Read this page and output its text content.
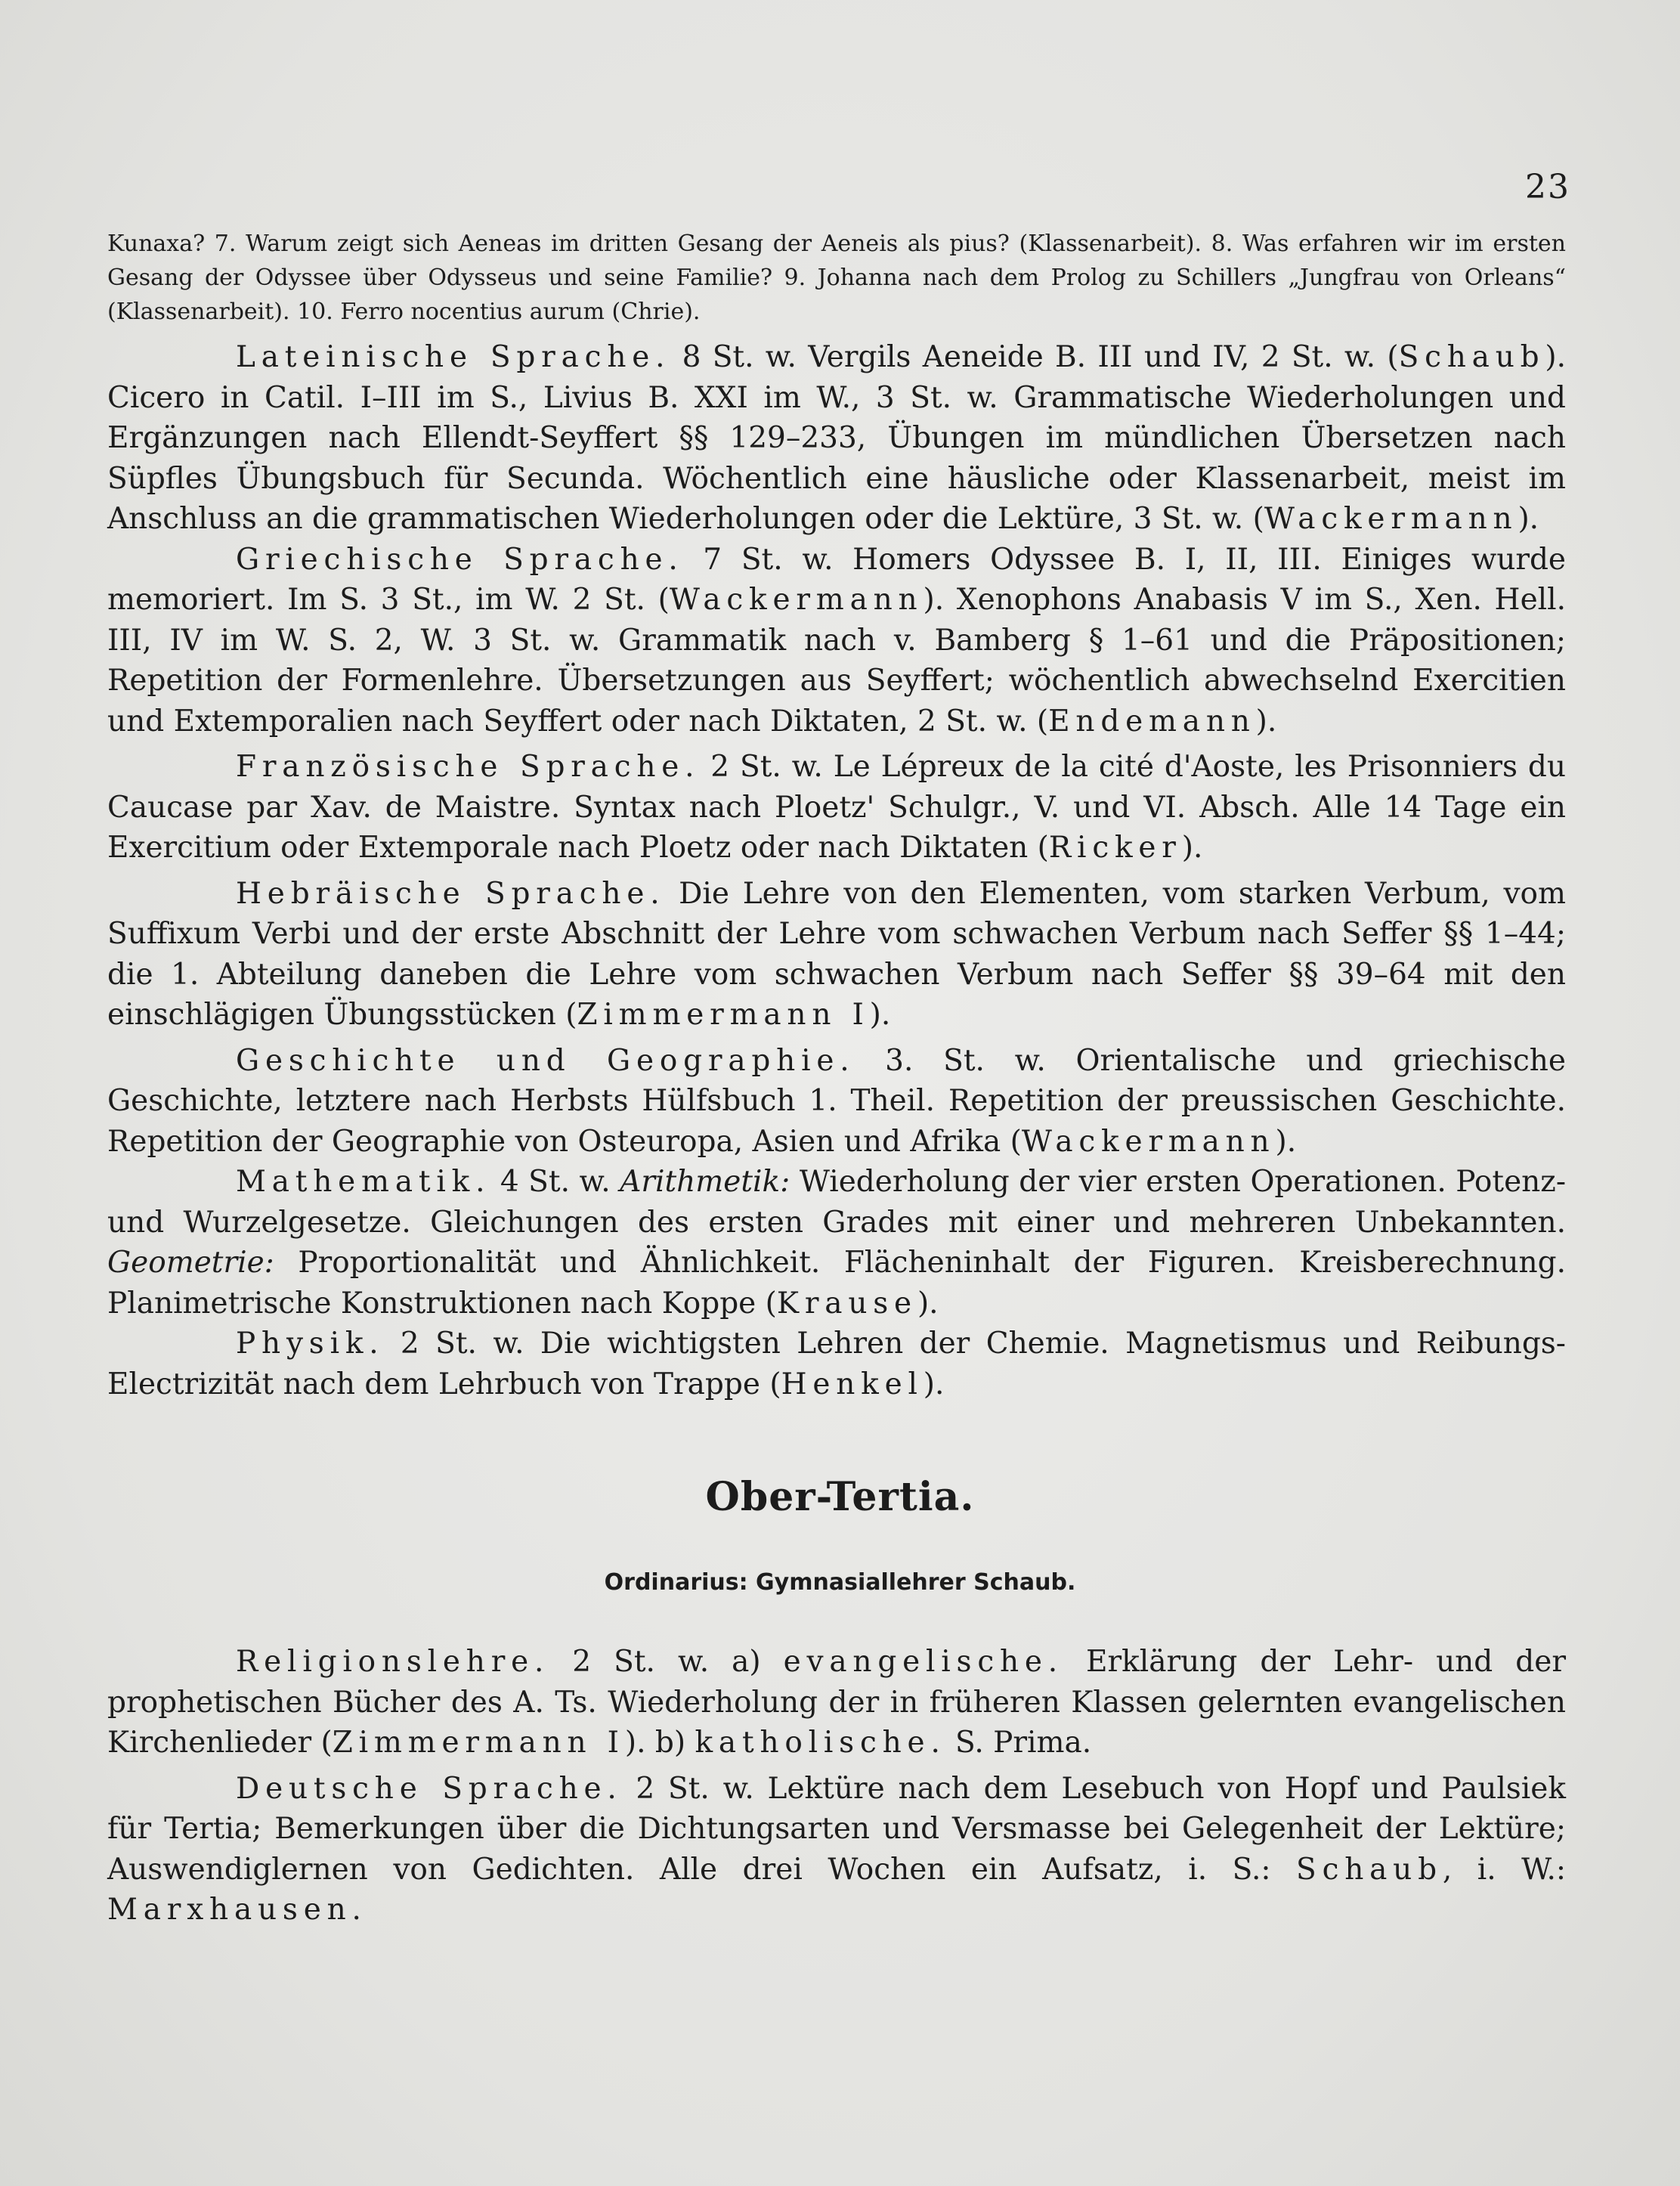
23

Kunaxa? 7. Warum zeigt sich Aeneas im dritten Gesang der Aeneis als pius? (Klassenarbeit). 8. Was erfahren wir im ersten Gesang der Odyssee über Odysseus und seine Familie? 9. Johanna nach dem Prolog zu Schillers „Jungfrau von Orleans“ (Klassenarbeit). 10. Ferro nocentius aurum (Chrie).

Lateinische Sprache. 8 St. w. Vergils Aeneide B. III und IV, 2 St. w. (Schaub). Cicero in Catil. I–III im S., Livius B. XXI im W., 3 St. w. Grammatische Wiederholungen und Ergänzungen nach Ellendt-Seyffert §§ 129–233, Übungen im mündlichen Übersetzen nach Süpfles Übungsbuch für Secunda. Wöchentlich eine häusliche oder Klassenarbeit, meist im Anschluss an die grammatischen Wiederholungen oder die Lektüre, 3 St. w. (Wackermann).

Griechische Sprache. 7 St. w. Homers Odyssee B. I, II, III. Einiges wurde memoriert. Im S. 3 St., im W. 2 St. (Wackermann). Xenophons Anabasis V im S., Xen. Hell. III, IV im W. S. 2, W. 3 St. w. Grammatik nach v. Bamberg § 1–61 und die Präpositionen; Repetition der Formenlehre. Übersetzungen aus Seyffert; wöchentlich abwechselnd Exercitien und Extemporalien nach Seyffert oder nach Diktaten, 2 St. w. (Endemann).

Französische Sprache. 2 St. w. Le Lépreux de la cité d'Aoste, les Prisonniers du Caucase par Xav. de Maistre. Syntax nach Ploetz' Schulgr., V. und VI. Absch. Alle 14 Tage ein Exercitium oder Extemporale nach Ploetz oder nach Diktaten (Ricker).

Hebräische Sprache. Die Lehre von den Elementen, vom starken Verbum, vom Suffixum Verbi und der erste Abschnitt der Lehre vom schwachen Verbum nach Seffer §§ 1–44; die 1. Abteilung daneben die Lehre vom schwachen Verbum nach Seffer §§ 39–64 mit den einschlägigen Übungsstücken (Zimmermann I).

Geschichte und Geographie. 3. St. w. Orientalische und griechische Geschichte, letztere nach Herbsts Hülfsbuch 1. Theil. Repetition der preussischen Geschichte. Repetition der Geographie von Osteuropa, Asien und Afrika (Wackermann).

Mathematik. 4 St. w. Arithmetik: Wiederholung der vier ersten Operationen. Potenz- und Wurzelgesetze. Gleichungen des ersten Grades mit einer und mehreren Unbekannten. Geometrie: Proportionalität und Ähnlichkeit. Flächeninhalt der Figuren. Kreisberechnung. Planimetrische Konstruktionen nach Koppe (Krause).

Physik. 2 St. w. Die wichtigsten Lehren der Chemie. Magnetismus und Reibungs-Electrizität nach dem Lehrbuch von Trappe (Henkel).

Ober-Tertia.
Ordinarius: Gymnasiallehrer Schaub.

Religionslehre. 2 St. w. a) evangelische. Erklärung der Lehr- und der prophetischen Bücher des A. Ts. Wiederholung der in früheren Klassen gelernten evangelischen Kirchenlieder (Zimmermann I). b) katholische. S. Prima.

Deutsche Sprache. 2 St. w. Lektüre nach dem Lesebuch von Hopf und Paulsiek für Tertia; Bemerkungen über die Dichtungsarten und Versmasse bei Gelegenheit der Lektüre; Auswendiglernen von Gedichten. Alle drei Wochen ein Aufsatz, i. S.: Schaub, i. W.: Marxhausen.
